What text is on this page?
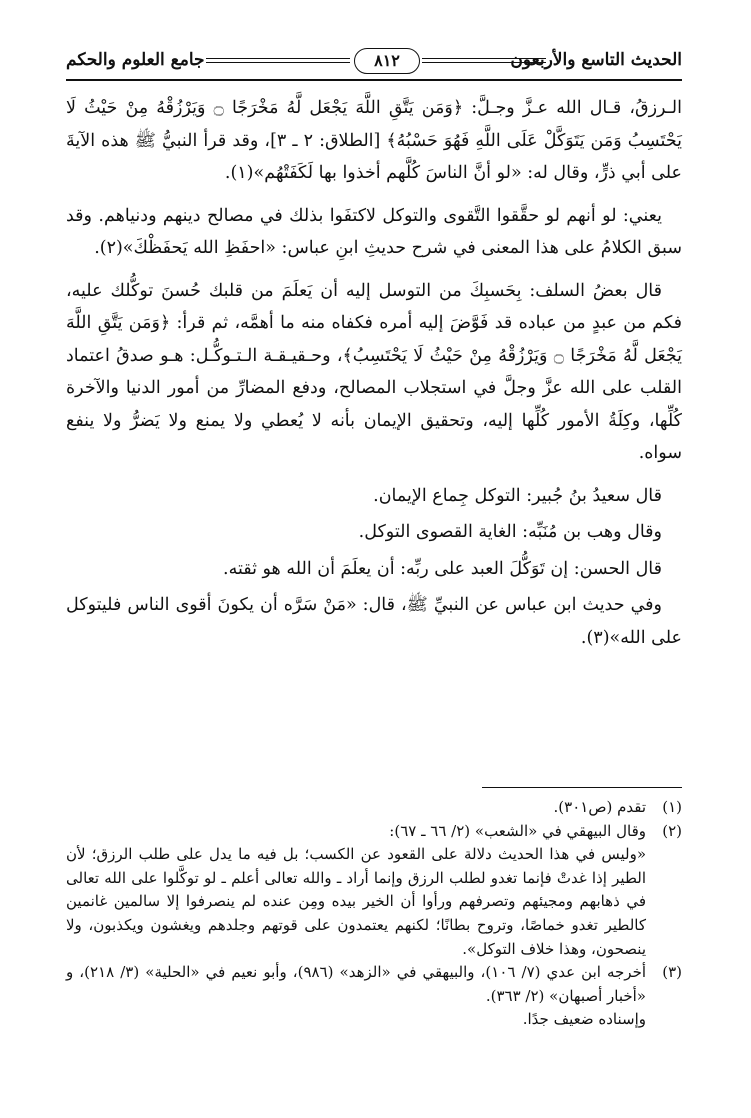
الحديث التاسع والأربعون
٨١٢
جامع العلوم والحكم

الـرزقُ، قـال الله عـزَّ وجـلَّ: ﴿وَمَن يَتَّقِ اللَّهَ يَجْعَل لَّهُ مَخْرَجًا ۝ وَيَرْزُقْهُ مِنْ حَيْثُ لَا يَحْتَسِبُ وَمَن يَتَوَكَّلْ عَلَى اللَّهِ فَهُوَ حَسْبُهُ﴾ [الطلاق: ٢ ـ ٣]، وقد قرأ النبيُّ ﷺ هذه الآيةَ على أبي ذرٍّ، وقال له: «لو أنَّ الناسَ كُلَّهم أخذوا بها لَكَفَتْهُم»(١).

يعني: لو أنهم لو حقَّقوا التَّقوى والتوكل لاكتفَوا بذلك في مصالح دينهم ودنياهم. وقد سبق الكلامُ على هذا المعنى في شرح حديثِ ابنِ عباس: «احفَظِ الله يَحفَظْكَ»(٢).

قال بعضُ السلف: بِحَسبِكَ من التوسل إليه أن يَعلَمَ من قلبك حُسنَ توكُّلك عليه، فكم من عبدٍ من عباده قد فَوَّضَ إليه أمره فكفاه منه ما أهمَّه، ثم قرأ: ﴿وَمَن يَتَّقِ اللَّهَ يَجْعَل لَّهُ مَخْرَجًا ۝ وَيَرْزُقْهُ مِنْ حَيْثُ لَا يَحْتَسِبُ﴾، وحـقيـقـة الـتـوكُّـل: هـو صدقُ اعتماد القلب على الله عزَّ وجلَّ في استجلاب المصالح، ودفع المضارِّ من أمور الدنيا والآخرة كُلِّها، وكِلَةُ الأمور كُلِّها إليه، وتحقيق الإيمان بأنه لا يُعطي ولا يمنع ولا يَضرُّ ولا ينفع سواه.

قال سعيدُ بنُ جُبير: التوكل جِماع الإيمان.

وقال وهب بن مُنَبِّه: الغاية القصوى التوكل.

قال الحسن: إن تَوَكُّلَ العبد على ربِّه: أن يعلَمَ أن الله هو ثقته.

وفي حديث ابن عباس عن النبيِّ ﷺ، قال: «مَنْ سَرَّه أن يكونَ أقوى الناس فليتوكل على الله»(٣).

(١)

تقدم (ص٣٠١).

(٢)

وقال البيهقي في «الشعب» (٢/ ٦٦ ـ ٦٧):

«وليس في هذا الحديث دلالة على القعود عن الكسب؛ بل فيه ما يدل على طلب الرزق؛ لأن الطير إذا غدتْ فإنما تغدو لطلب الرزق وإنما أراد ـ والله تعالى أعلم ـ لو توكَّلوا على الله تعالى في ذهابهم ومجيئهم وتصرفهم ورأوا أن الخير بيده ومِن عنده لم ينصرفوا إلا سالمين غانمين كالطير تغدو خماصًا، وتروح بطانًا؛ لكنهم يعتمدون على قوتهم وجلدهم ويغشون ويكذبون، ولا ينصحون، وهذا خلاف التوكل».

(٣)

أخرجه ابن عدي (٧/ ١٠٦)، والبيهقي في «الزهد» (٩٨٦)، وأبو نعيم في «الحلية» (٣/ ٢١٨)، و «أخبار أصبهان» (٢/ ٣٦٣).

وإسناده ضعيف جدًا.
